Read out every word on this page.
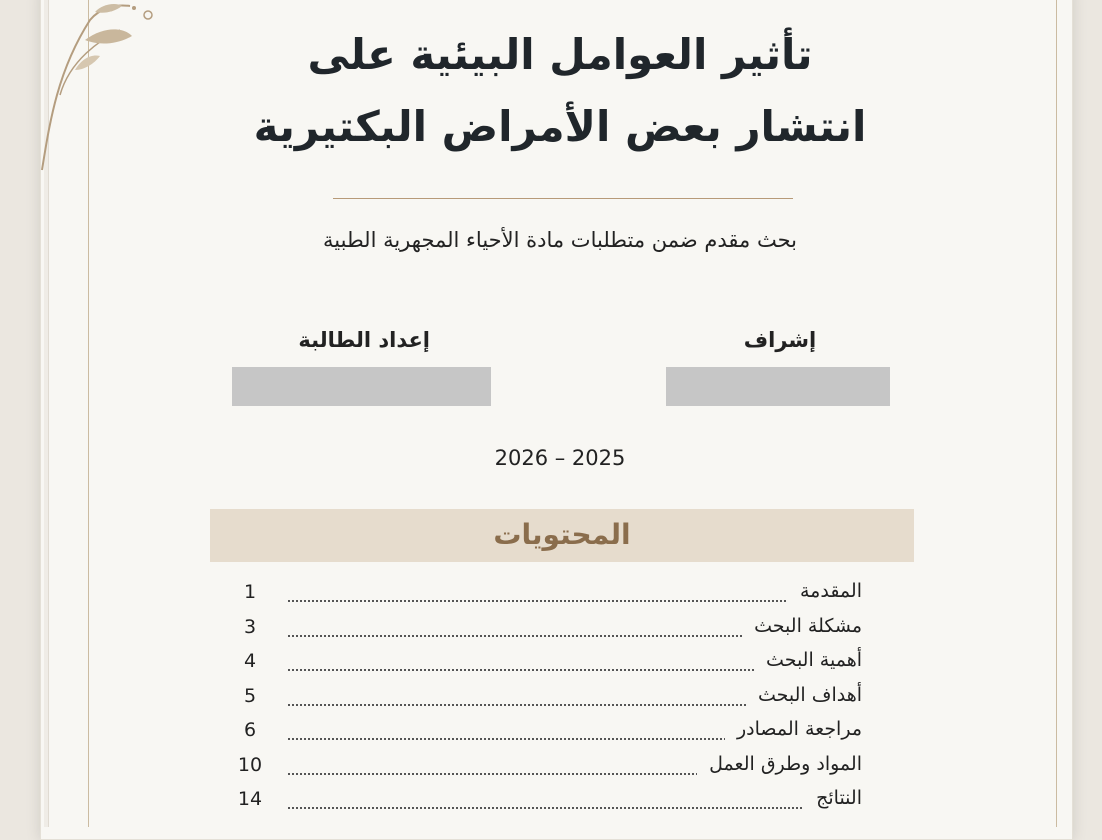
تأثير العوامل البيئية على
انتشار بعض الأمراض البكتيرية
بحث مقدم ضمن متطلبات مادة الأحياء المجهرية الطبية
إعداد الطالبة	إشراف
2026 – 2025
المحتويات
المقدمة
1
مشكلة البحث
3
أهمية البحث
4
أهداف البحث
5
مراجعة المصادر
6
المواد وطرق العمل
10
النتائج
14
